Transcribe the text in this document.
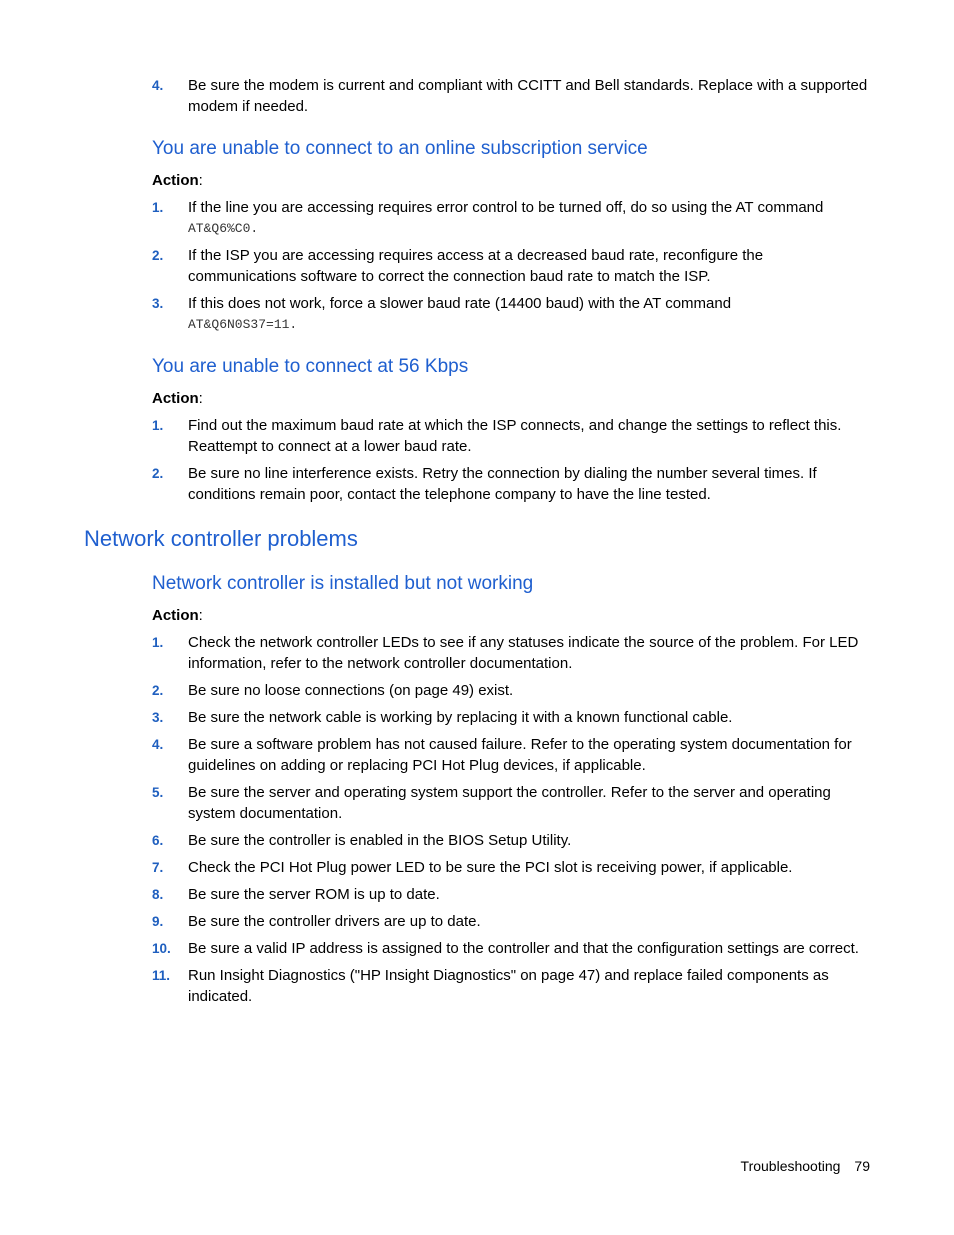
4. Be sure the modem is current and compliant with CCITT and Bell standards. Replace with a supported modem if needed.
You are unable to connect to an online subscription service
Action:
1. If the line you are accessing requires error control to be turned off, do so using the AT command
AT&Q6%C0.
2. If the ISP you are accessing requires access at a decreased baud rate, reconfigure the communications software to correct the connection baud rate to match the ISP.
3. If this does not work, force a slower baud rate (14400 baud) with the AT command
AT&Q6N0S37=11.
You are unable to connect at 56 Kbps
Action:
1. Find out the maximum baud rate at which the ISP connects, and change the settings to reflect this. Reattempt to connect at a lower baud rate.
2. Be sure no line interference exists. Retry the connection by dialing the number several times. If conditions remain poor, contact the telephone company to have the line tested.
Network controller problems
Network controller is installed but not working
Action:
1. Check the network controller LEDs to see if any statuses indicate the source of the problem. For LED information, refer to the network controller documentation.
2. Be sure no loose connections (on page 49) exist.
3. Be sure the network cable is working by replacing it with a known functional cable.
4. Be sure a software problem has not caused failure. Refer to the operating system documentation for guidelines on adding or replacing PCI Hot Plug devices, if applicable.
5. Be sure the server and operating system support the controller. Refer to the server and operating system documentation.
6. Be sure the controller is enabled in the BIOS Setup Utility.
7. Check the PCI Hot Plug power LED to be sure the PCI slot is receiving power, if applicable.
8. Be sure the server ROM is up to date.
9. Be sure the controller drivers are up to date.
10. Be sure a valid IP address is assigned to the controller and that the configuration settings are correct.
11. Run Insight Diagnostics ("HP Insight Diagnostics" on page 47) and replace failed components as indicated.
Troubleshooting 79
